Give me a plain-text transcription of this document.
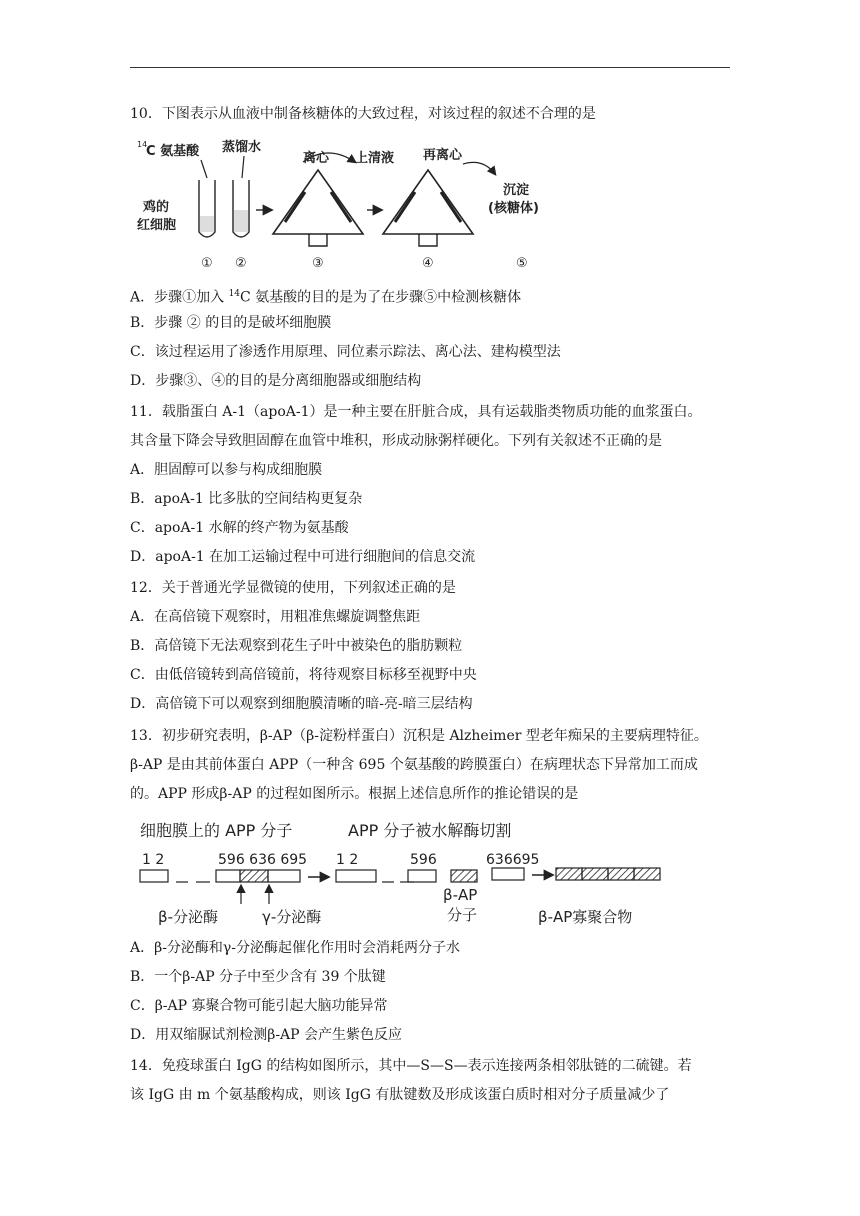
10．下图表示从血液中制备核糖体的大致过程，对该过程的叙述不合理的是
14
C 氨基酸 蒸馏水
离心 上清液 再离心
鸡的
红细胞
沉淀
(核糖体)
① ②	③	④	⑤
A．步骤①加入 $^{14}$C 氨基酸的目的是为了在步骤⑤中检测核糖体
B．步骤 ② 的目的是破坏细胞膜
C．该过程运用了渗透作用原理、同位素示踪法、离心法、建构模型法
D．步骤③、④的目的是分离细胞器或细胞结构
11．载脂蛋白 A-1（apoA-1）是一种主要在肝脏合成，具有运载脂类物质功能的血浆蛋白。
其含量下降会导致胆固醇在血管中堆积，形成动脉粥样硬化。下列有关叙述不正确的是
A．胆固醇可以参与构成细胞膜
B．apoA-1 比多肽的空间结构更复杂
C．apoA-1 水解的终产物为氨基酸
D．apoA-1 在加工运输过程中可进行细胞间的信息交流
12．关于普通光学显微镜的使用，下列叙述正确的是
A．在高倍镜下观察时，用粗准焦螺旋调整焦距
B．高倍镜下无法观察到花生子叶中被染色的脂肪颗粒
C．由低倍镜转到高倍镜前，将待观察目标移至视野中央
D．高倍镜下可以观察到细胞膜清晰的暗-亮-暗三层结构
13．初步研究表明，β-AP（β-淀粉样蛋白）沉积是 Alzheimer 型老年痴呆的主要病理特征。
β-AP 是由其前体蛋白 APP（一种含 695 个氨基酸的跨膜蛋白）在病理状态下异常加工而成
的。APP 形成β-AP 的过程如图所示。根据上述信息所作的推论错误的是
细胞膜上的 APP 分子	APP 分子被水解酶切割
1 2	596 636 695 1 2	596	636695
β-分泌酶	γ-分泌酶
β-AP
分子	β-AP寡聚合物
A．β-分泌酶和γ-分泌酶起催化作用时会消耗两分子水
B．一个β-AP 分子中至少含有 39 个肽键
C．β-AP 寡聚合物可能引起大脑功能异常
D．用双缩脲试剂检测β-AP 会产生紫色反应
14．免疫球蛋白 IgG 的结构如图所示，其中—S—S—表示连接两条相邻肽链的二硫键。若
该 IgG 由 m 个氨基酸构成，则该 IgG 有肽键数及形成该蛋白质时相对分子质量减少了
